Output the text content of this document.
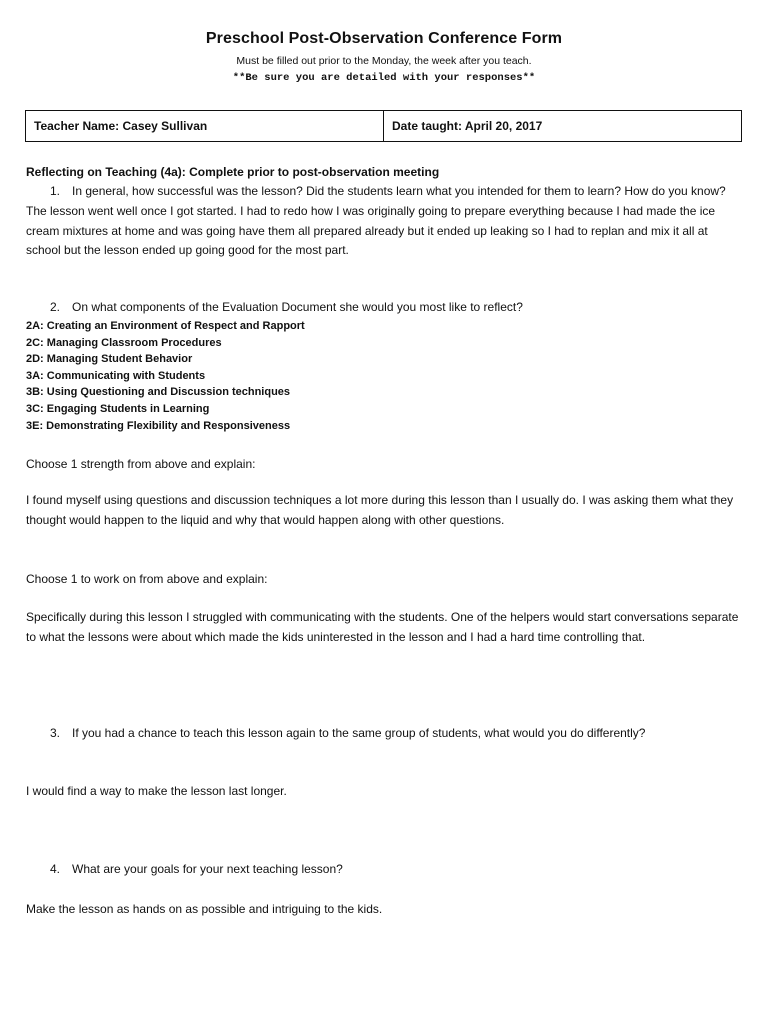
Preschool Post-Observation Conference Form
Must be filled out prior to the Monday, the week after you teach.
**Be sure you are detailed with your responses**
Teacher Name: Casey Sullivan	Date taught: April 20, 2017
Reflecting on Teaching (4a): Complete prior to post-observation meeting
1. In general, how successful was the lesson? Did the students learn what you intended for them to learn? How do you know?
The lesson went well once I got started. I had to redo how I was originally going to prepare everything because I had made the ice cream mixtures at home and was going have them all prepared already but it ended up leaking so I had to replan and mix it all at school but the lesson ended up going good for the most part.
2. On what components of the Evaluation Document she would you most like to reflect?
2A: Creating an Environment of Respect and Rapport
2C: Managing Classroom Procedures
2D: Managing Student Behavior
3A: Communicating with Students
3B: Using Questioning and Discussion techniques
3C: Engaging Students in Learning
3E: Demonstrating Flexibility and Responsiveness
Choose 1 strength from above and explain:
I found myself using questions and discussion techniques a lot more during this lesson than I usually do. I was asking them what they thought would happen to the liquid and why that would happen along with other questions.
Choose 1 to work on from above and explain:
Specifically during this lesson I struggled with communicating with the students. One of the helpers would start conversations separate to what the lessons were about which made the kids uninterested in the lesson and I had a hard time controlling that.
3. If you had a chance to teach this lesson again to the same group of students, what would you do differently?
I would find a way to make the lesson last longer.
4. What are your goals for your next teaching lesson?
Make the lesson as hands on as possible and intriguing to the kids.
